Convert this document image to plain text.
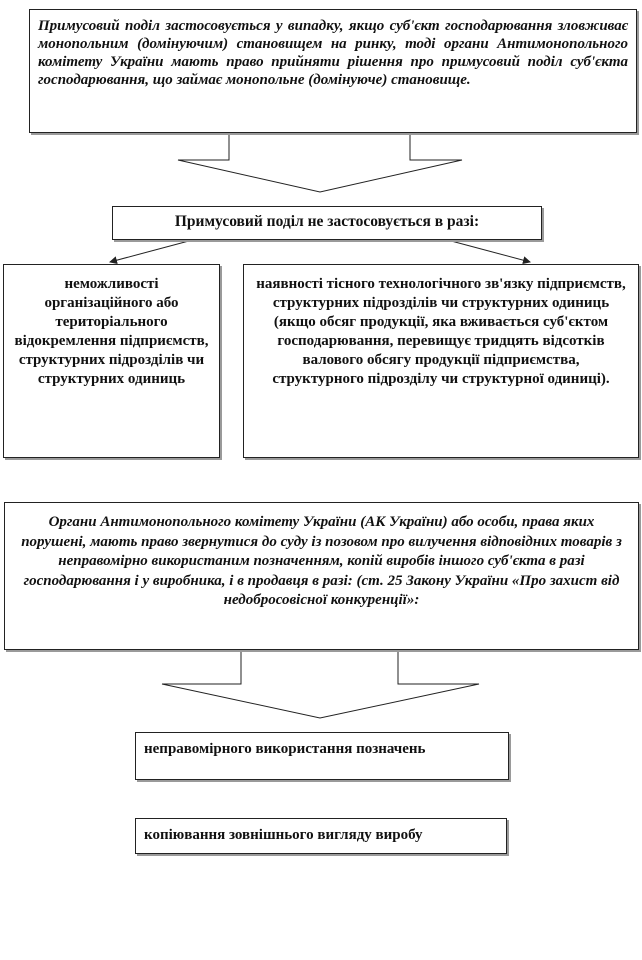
Примусовий поділ застосовується у випадку, якщо суб'єкт господарювання зловживає монопольним (домінуючим) становищем на ринку, тоді органи Антимонопольного комітету України мають право прийняти рішення про примусовий поділ суб'єкта господарювання, що займає монопольне (домінуюче) становище.
Примусовий поділ не застосовується в разі:
неможливості організаційного або територіального відокремлення підприємств, структурних підрозділів чи структурних одиниць
наявності тісного технологічного зв'язку підприємств, структурних підрозділів чи структурних одиниць (якщо обсяг продукції, яка вживається суб'єктом господарювання, перевищує тридцять відсотків валового обсягу продукції підприємства, структурного підрозділу чи структурної одиниці).
Органи Антимонопольного комітету України (АК України) або особи, права яких порушені, мають право звернутися до суду із позовом про вилучення відповідних товарів з неправомірно використаним позначенням, копій виробів іншого суб'єкта в разі господарювання і у виробника, і в продавця в разі: (ст. 25 Закону України «Про захист від недобросовісної конкуренції»:
неправомірного використання позначень
копіювання зовнішнього вигляду виробу
